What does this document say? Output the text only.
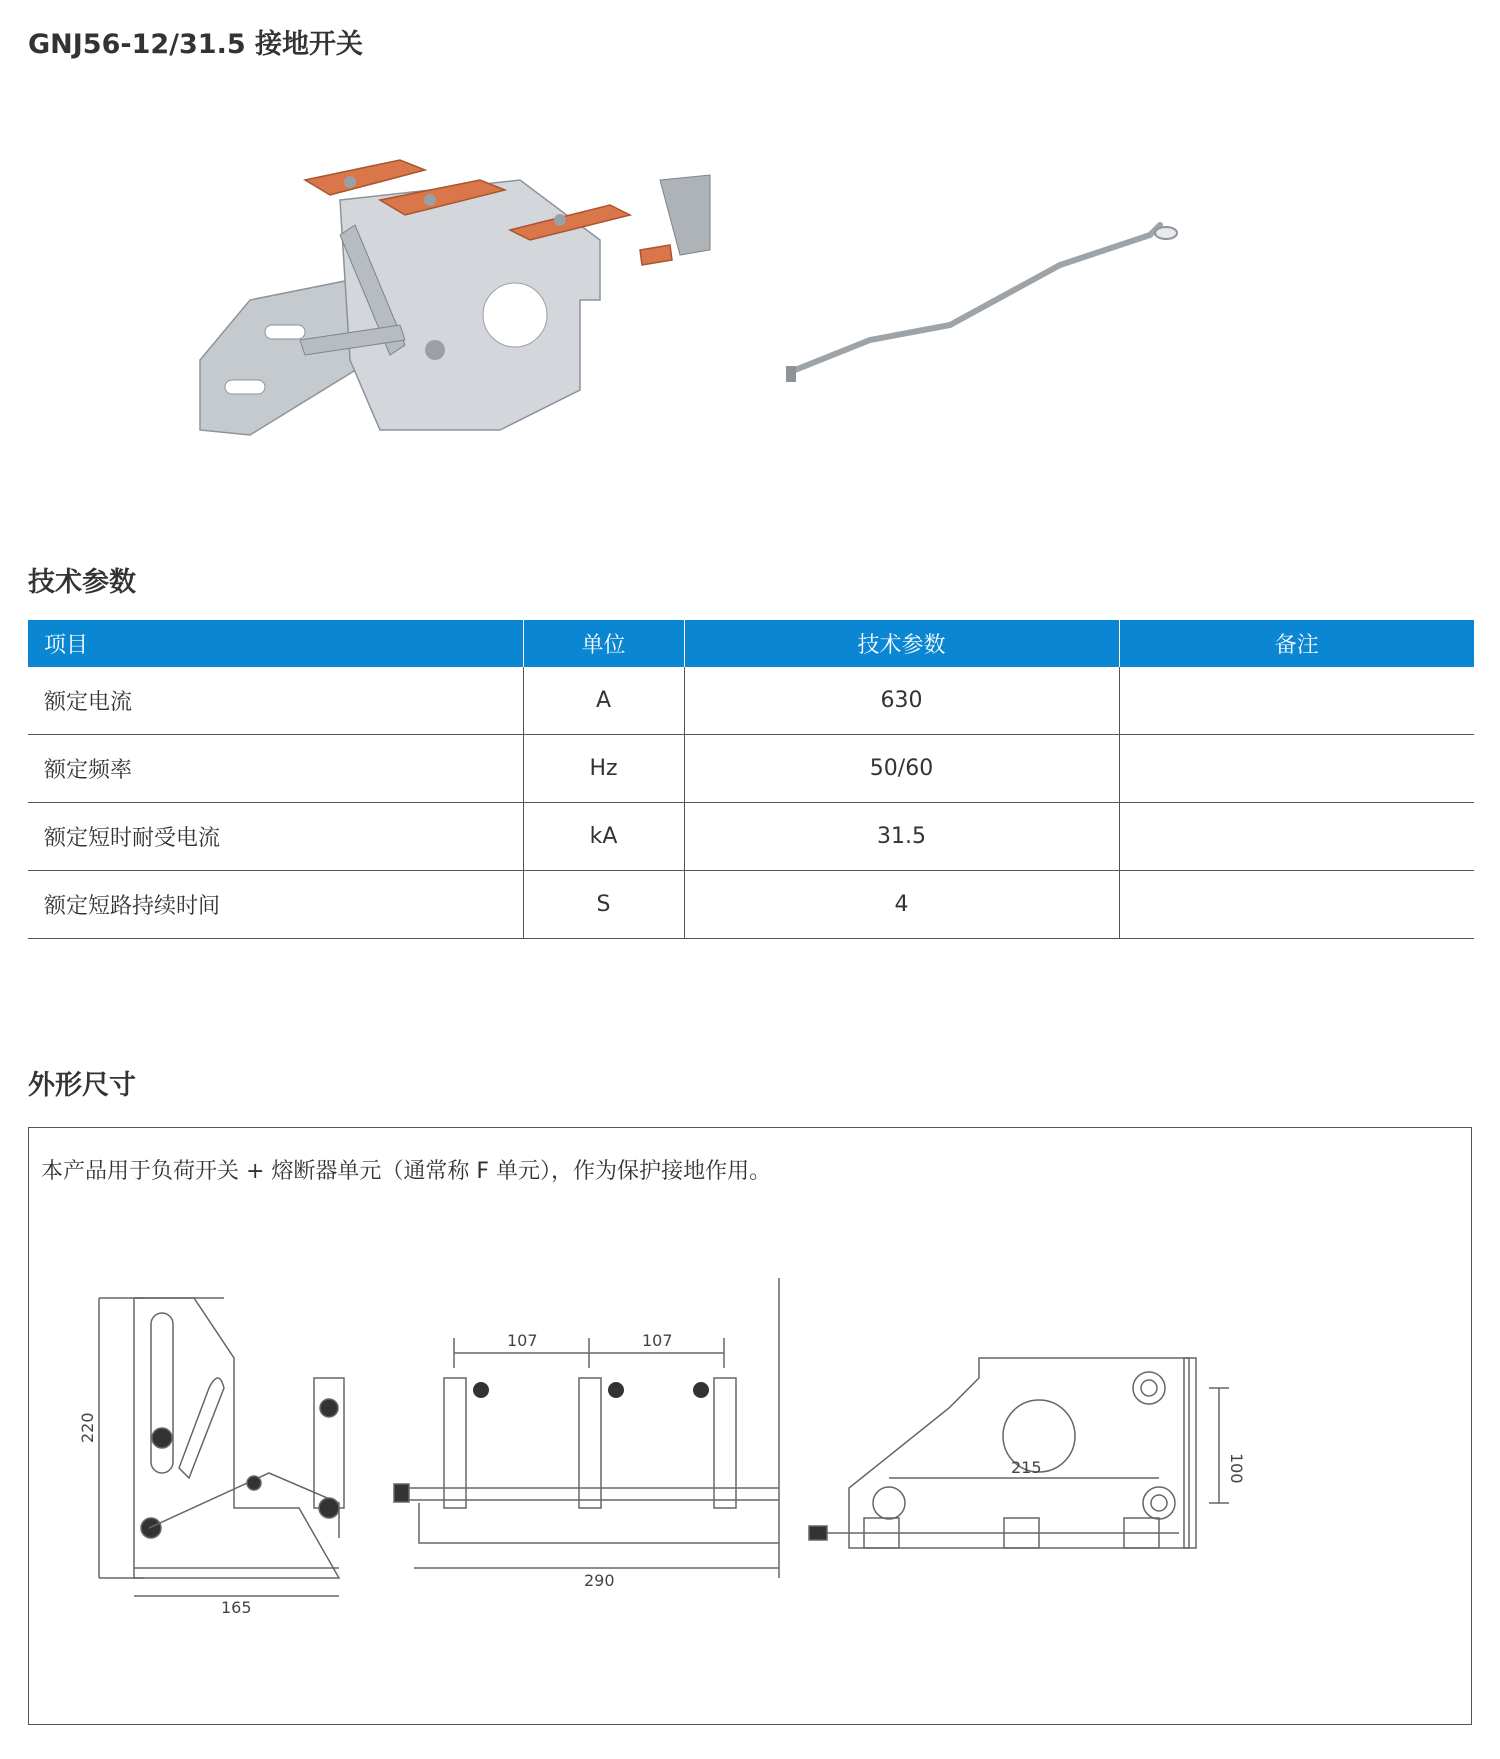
GNJ56-12/31.5 接地开关
技术参数
项目	单位	技术参数	备注
额定电流	A	630	
额定频率	Hz	50/60	
额定短时耐受电流	kA	31.5	
额定短路持续时间	S	4	
外形尺寸
本产品用于负荷开关 + 熔断器单元（通常称 F 单元），作为保护接地作用。
220
165
107	107
290
215	100
